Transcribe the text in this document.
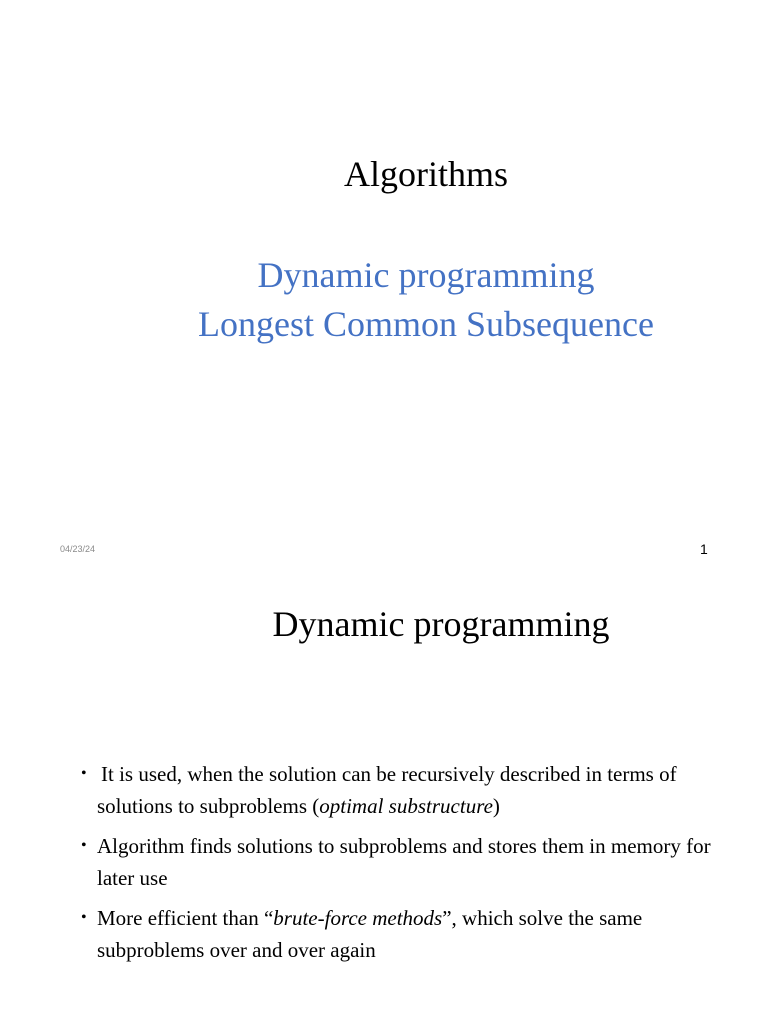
Algorithms
Dynamic programming
Longest Common Subsequence
04/23/24	1
Dynamic programming
• It is used, when the solution can be recursively described in terms of solutions to subproblems (optimal substructure)
• Algorithm finds solutions to subproblems and stores them in memory for later use
• More efficient than “brute-force methods”, which solve the same subproblems over and over again
